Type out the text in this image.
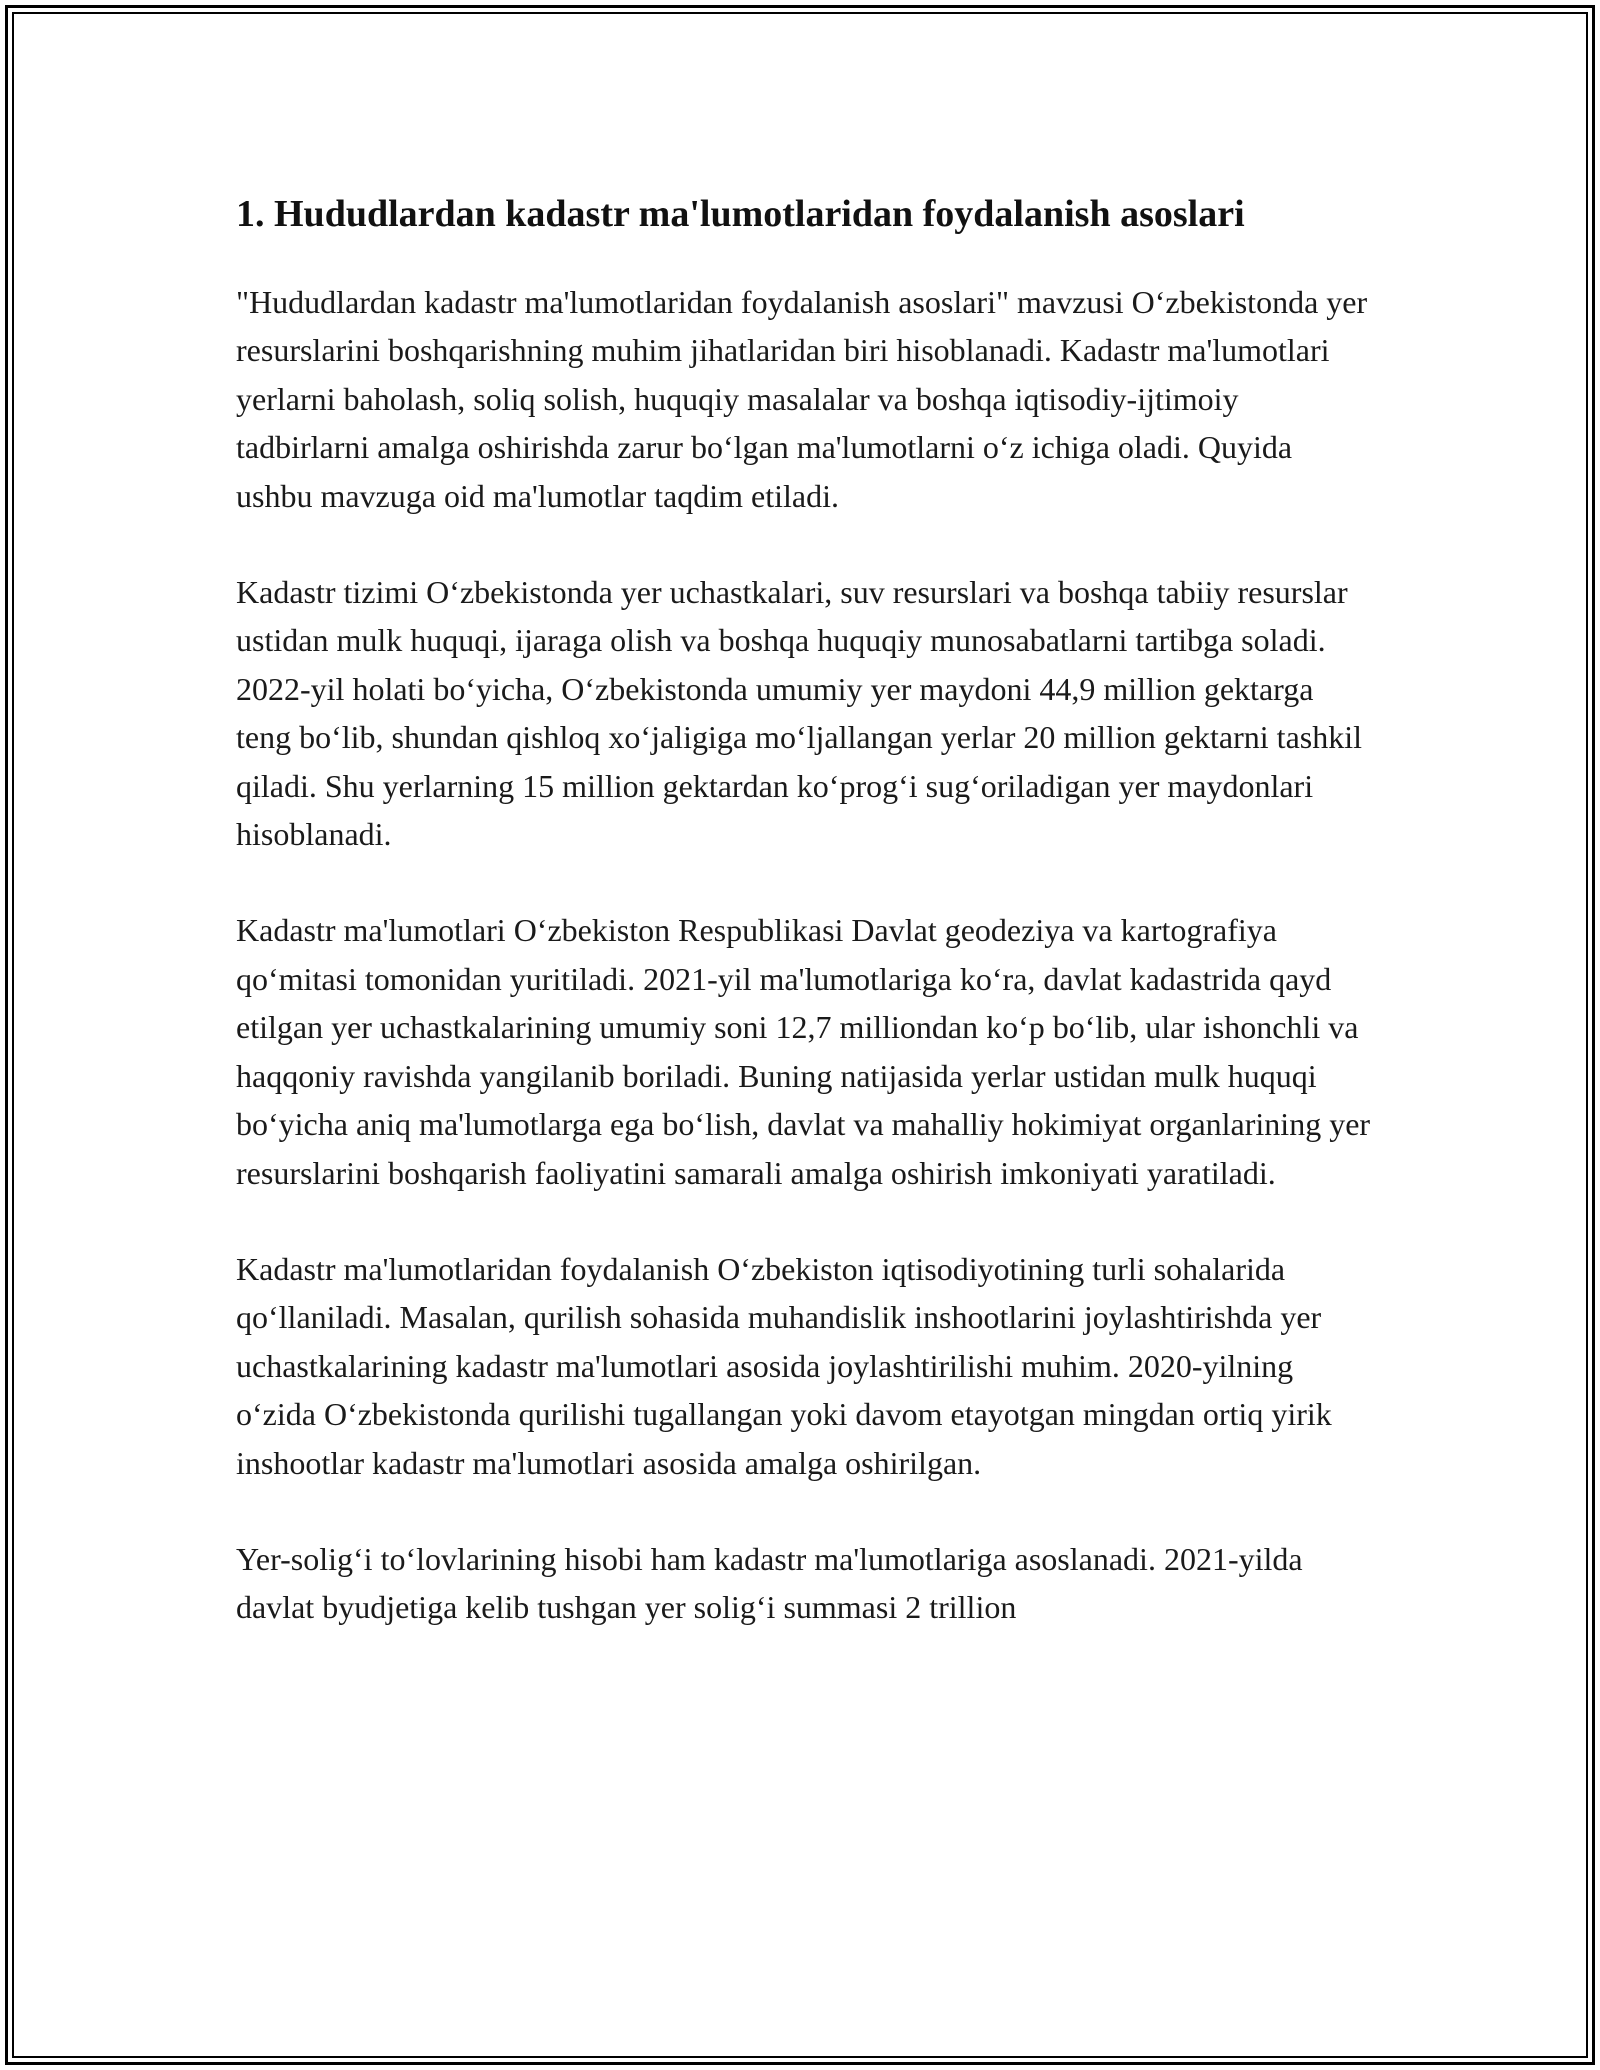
1. Hududlardan kadastr ma'lumotlaridan foydalanish asoslari

"Hududlardan kadastr ma'lumotlaridan foydalanish asoslari" mavzusi O‘zbekistonda yer resurslarini boshqarishning muhim jihatlaridan biri hisoblanadi. Kadastr ma'lumotlari yerlarni baholash, soliq solish, huquqiy masalalar va boshqa iqtisodiy-ijtimoiy tadbirlarni amalga oshirishda zarur bo‘lgan ma'lumotlarni o‘z ichiga oladi. Quyida ushbu mavzuga oid ma'lumotlar taqdim etiladi.

Kadastr tizimi O‘zbekistonda yer uchastkalari, suv resurslari va boshqa tabiiy resurslar ustidan mulk huquqi, ijaraga olish va boshqa huquqiy munosabatlarni tartibga soladi. 2022-yil holati bo‘yicha, O‘zbekistonda umumiy yer maydoni 44,9 million gektarga teng bo‘lib, shundan qishloq xo‘jaligiga mo‘ljallangan yerlar 20 million gektarni tashkil qiladi. Shu yerlarning 15 million gektardan ko‘prog‘i sug‘oriladigan yer maydonlari hisoblanadi.

Kadastr ma'lumotlari O‘zbekiston Respublikasi Davlat geodeziya va kartografiya qo‘mitasi tomonidan yuritiladi. 2021-yil ma'lumotlariga ko‘ra, davlat kadastrida qayd etilgan yer uchastkalarining umumiy soni 12,7 milliondan ko‘p bo‘lib, ular ishonchli va haqqoniy ravishda yangilanib boriladi. Buning natijasida yerlar ustidan mulk huquqi bo‘yicha aniq ma'lumotlarga ega bo‘lish, davlat va mahalliy hokimiyat organlarining yer resurslarini boshqarish faoliyatini samarali amalga oshirish imkoniyati yaratiladi.

Kadastr ma'lumotlaridan foydalanish O‘zbekiston iqtisodiyotining turli sohalarida qo‘llaniladi. Masalan, qurilish sohasida muhandislik inshootlarini joylashtirishda yer uchastkalarining kadastr ma'lumotlari asosida joylashtirilishi muhim. 2020-yilning o‘zida O‘zbekistonda qurilishi tugallangan yoki davom etayotgan mingdan ortiq yirik inshootlar kadastr ma'lumotlari asosida amalga oshirilgan.

Yer-solig‘i to‘lovlarining hisobi ham kadastr ma'lumotlariga asoslanadi. 2021-yilda davlat byudjetiga kelib tushgan yer solig‘i summasi 2 trillion
